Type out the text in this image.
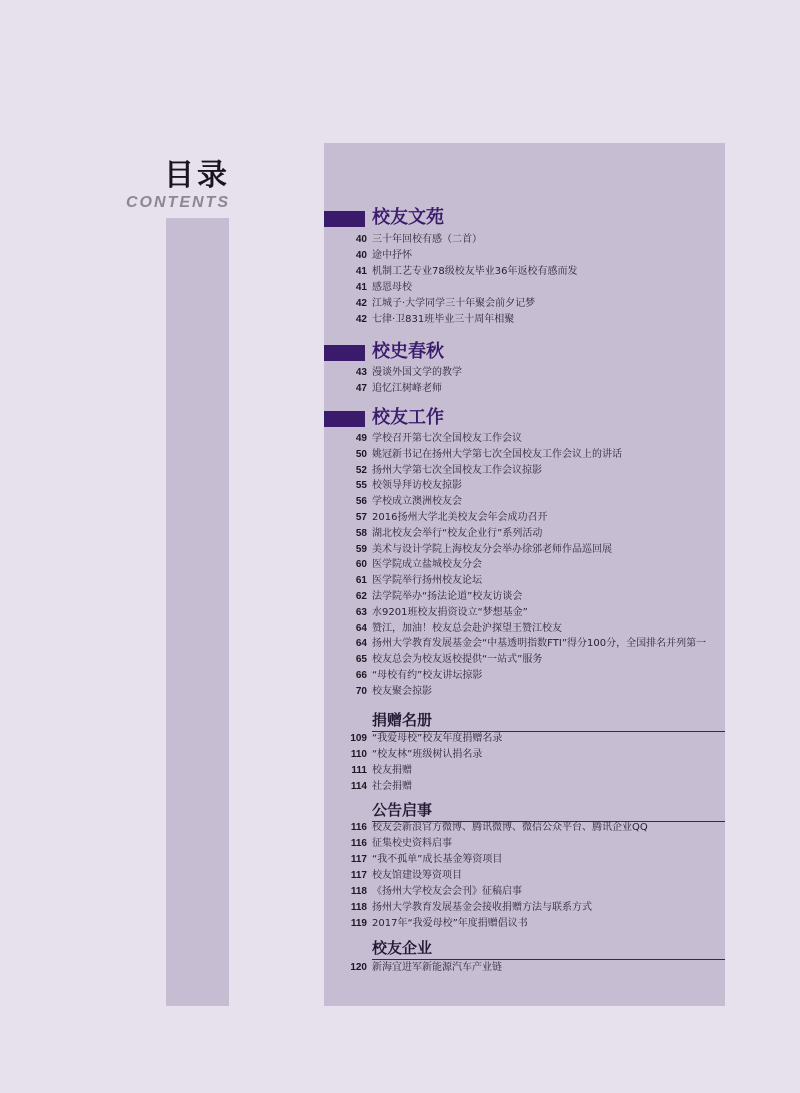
目录
CONTENTS
校友文苑
40 三十年回校有感（二首）
40 途中抒怀
41 机制工艺专业78级校友毕业36年返校有感而发
41 感恩母校
42 江城子·大学同学三十年聚会前夕记梦
42 七律·卫831班毕业三十周年相聚
校史春秋
43 漫谈外国文学的教学
47 追忆江树峰老师
校友工作
49 学校召开第七次全国校友工作会议
50 姚冠新书记在扬州大学第七次全国校友工作会议上的讲话
52 扬州大学第七次全国校友工作会议掠影
55 校领导拜访校友掠影
56 学校成立澳洲校友会
57 2016扬州大学北美校友会年会成功召开
58 湖北校友会举行“校友企业行”系列活动
59 美术与设计学院上海校友分会举办徐邠老师作品巡回展
60 医学院成立盐城校友分会
61 医学院举行扬州校友论坛
62 法学院举办“扬法论道”校友访谈会
63 水9201班校友捐资设立“梦想基金”
64 赞江，加油！校友总会赴沪探望王赞江校友
64 扬州大学教育发展基金会“中基透明指数FTI”得分100分，全国排名并列第一
65 校友总会为校友返校提供“一站式”服务
66 “母校有约”校友讲坛掠影
70 校友聚会掠影
捐赠名册
109 “我爱母校”校友年度捐赠名录
110 “校友林”班级树认捐名录
111 校友捐赠
114 社会捐赠
公告启事
116 校友会新浪官方微博、腾讯微博、微信公众平台、腾讯企业QQ
116 征集校史资料启事
117 “我不孤单”成长基金筹资项目
117 校友馆建设筹资项目
118 《扬州大学校友会会刊》征稿启事
118 扬州大学教育发展基金会接收捐赠方法与联系方式
119 2017年“我爱母校”年度捐赠倡议书
校友企业
120 新海宜进军新能源汽车产业链
